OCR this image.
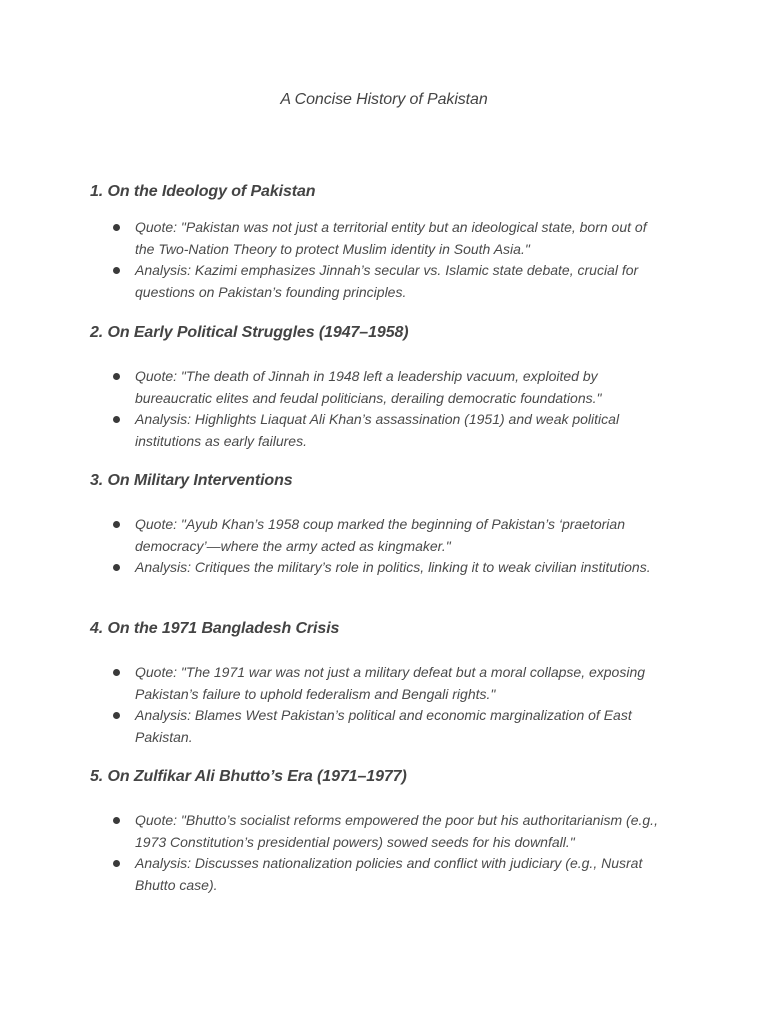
A Concise History of Pakistan
1. On the Ideology of Pakistan
Quote: "Pakistan was not just a territorial entity but an ideological state, born out of the Two-Nation Theory to protect Muslim identity in South Asia."
Analysis: Kazimi emphasizes Jinnah’s secular vs. Islamic state debate, crucial for questions on Pakistan’s founding principles.
2. On Early Political Struggles (1947–1958)
Quote: "The death of Jinnah in 1948 left a leadership vacuum, exploited by bureaucratic elites and feudal politicians, derailing democratic foundations."
Analysis: Highlights Liaquat Ali Khan’s assassination (1951) and weak political institutions as early failures.
3. On Military Interventions
Quote: "Ayub Khan’s 1958 coup marked the beginning of Pakistan’s ‘praetorian democracy’—where the army acted as kingmaker."
Analysis: Critiques the military’s role in politics, linking it to weak civilian institutions.
4. On the 1971 Bangladesh Crisis
Quote: "The 1971 war was not just a military defeat but a moral collapse, exposing Pakistan’s failure to uphold federalism and Bengali rights."
Analysis: Blames West Pakistan’s political and economic marginalization of East Pakistan.
5. On Zulfikar Ali Bhutto’s Era (1971–1977)
Quote: "Bhutto’s socialist reforms empowered the poor but his authoritarianism (e.g., 1973 Constitution’s presidential powers) sowed seeds for his downfall."
Analysis: Discusses nationalization policies and conflict with judiciary (e.g., Nusrat Bhutto case).
